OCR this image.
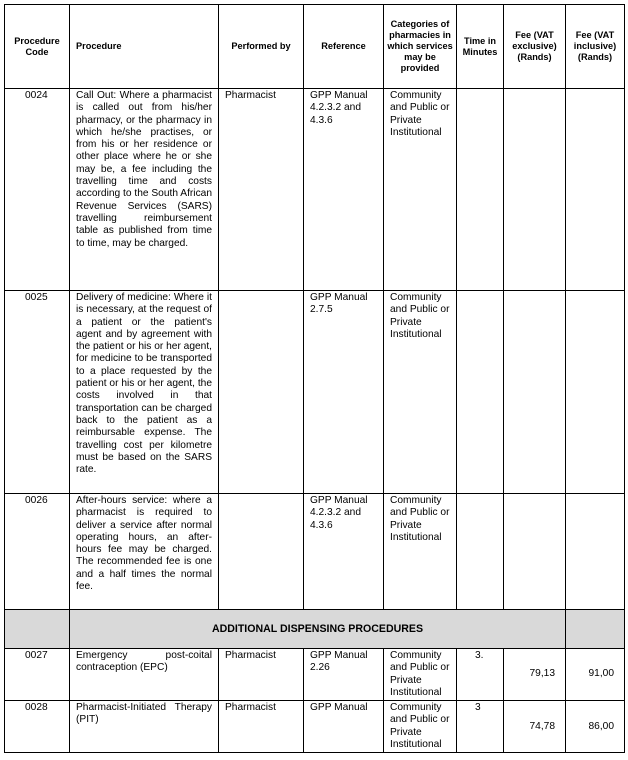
Procedure Code	Procedure	Performed by	Reference	Categories of pharmacies in which services may be provided	Time in Minutes	Fee (VAT exclusive) (Rands)	Fee (VAT inclusive) (Rands)
0024	Call Out: Where a pharmacist is called out from his/her pharmacy, or the pharmacy in which he/she practises, or from his or her residence or other place where he or she may be, a fee including the travelling time and costs according to the South African Revenue Services (SARS) travelling reimbursement table as published from time to time, may be charged.	Pharmacist	GPP Manual 4.2.3.2 and 4.3.6	Community and Public or Private Institutional			
0025	Delivery of medicine: Where it is necessary, at the request of a patient or the patient's agent and by agreement with the patient or his or her agent, for medicine to be transported to a place requested by the patient or his or her agent, the costs involved in that transportation can be charged back to the patient as a reimbursable expense. The travelling cost per kilometre must be based on the SARS rate.		GPP Manual 2.7.5	Community and Public or Private Institutional			
0026	After-hours service: where a pharmacist is required to deliver a service after normal operating hours, an after-hours fee may be charged. The recommended fee is one and a half times the normal fee.		GPP Manual 4.2.3.2 and 4.3.6	Community and Public or Private Institutional			
	ADDITIONAL DISPENSING PROCEDURES						
0027	Emergency post-coital contraception (EPC)	Pharmacist	GPP Manual 2.26	Community and Public or Private Institutional	3.	79,13	91,00
0028	Pharmacist-Initiated Therapy (PIT)	Pharmacist	GPP Manual	Community and Public or Private Institutional	3	74,78	86,00
